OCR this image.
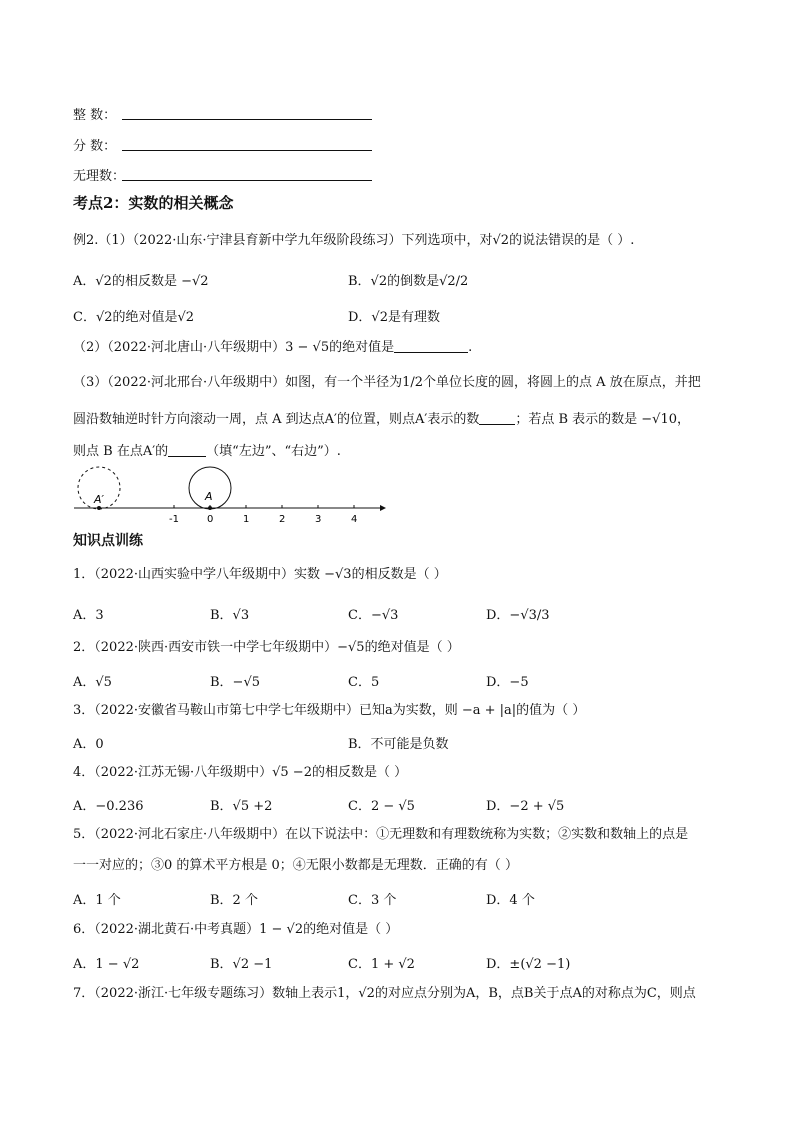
整 数：
分 数：
无理数：
考点2：实数的相关概念
例2.（1）（2022·山东·宁津县育新中学九年级阶段练习）下列选项中，对√2的说法错误的是（ ）.
A．√2的相反数是 −√2	B．√2的倒数是√2/2
C．√2的绝对值是√2	D．√2是有理数
（2）（2022·河北唐山·八年级期中）3 − √5的绝对值是	.
（3）（2022·河北邢台·八年级期中）如图，有一个半径为1/2个单位长度的圆，将圆上的点 A 放在原点，并把
圆沿数轴逆时针方向滚动一周，点 A 到达点A′的位置，则点A′表示的数	；若点 B 表示的数是 −√10，
则点 B 在点A′的	（填“左边”、“右边”）.
A′	A
-1	0	1	2	3	4
知识点训练
1．（2022·山西实验中学八年级期中）实数 −√3的相反数是（ ）
A．3	B．√3	C．−√3	D．−√3/3
2．（2022·陕西·西安市铁一中学七年级期中）−√5的绝对值是（ ）
A．√5	B．−√5	C．5	D．−5
3．（2022·安徽省马鞍山市第七中学七年级期中）已知a为实数，则 −a + |a|的值为（ ）
A．0	B．不可能是负数
4．（2022·江苏无锡·八年级期中）√5 −2的相反数是（ ）
A．−0.236	B．√5 +2	C．2 − √5	D．−2 + √5
5．（2022·河北石家庄·八年级期中）在以下说法中：①无理数和有理数统称为实数；②实数和数轴上的点是
一一对应的；③0 的算术平方根是 0；④无限小数都是无理数．正确的有（ ）
A．1 个	B．2 个	C．3 个	D．4 个
6．（2022·湖北黄石·中考真题）1 − √2的绝对值是（ ）
A．1 − √2	B．√2 −1	C．1 + √2	D．±(√2 −1)
7．（2022·浙江·七年级专题练习）数轴上表示1，√2的对应点分别为A，B，点B关于点A的对称点为C，则点
